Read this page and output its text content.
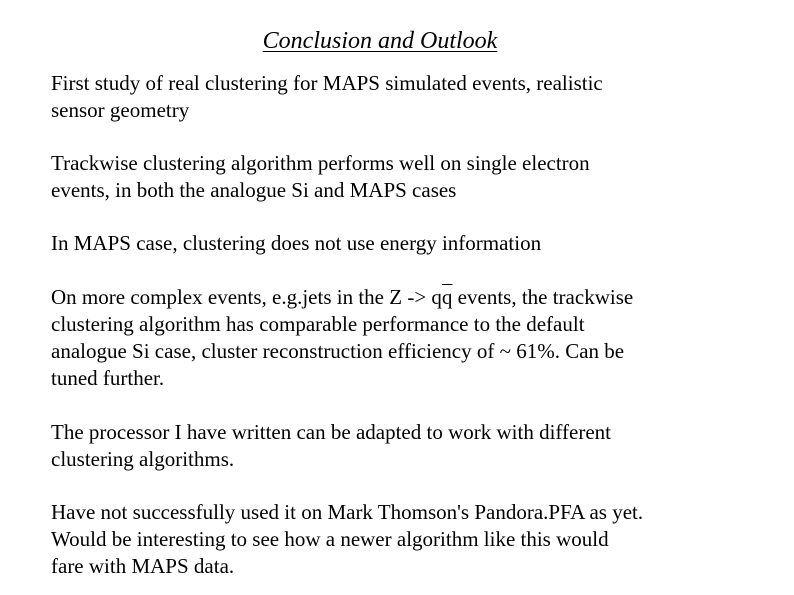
Conclusion and Outlook
First study of real clustering for MAPS simulated events, realistic
sensor geometry
Trackwise clustering algorithm performs well on single electron
events, in both the analogue Si and MAPS cases
In MAPS case, clustering does not use energy information
On more complex events, e.g.jets in the $Z -> q\overline{q}$ events, the trackwise
clustering algorithm has comparable performance to the default
analogue Si case, cluster reconstruction efficiency of ~ 61%. Can be
tuned further.
The processor I have written can be adapted to work with different
clustering algorithms.
Have not successfully used it on Mark Thomson's Pandora.PFA as yet.
Would be interesting to see how a newer algorithm like this would
fare with MAPS data.
